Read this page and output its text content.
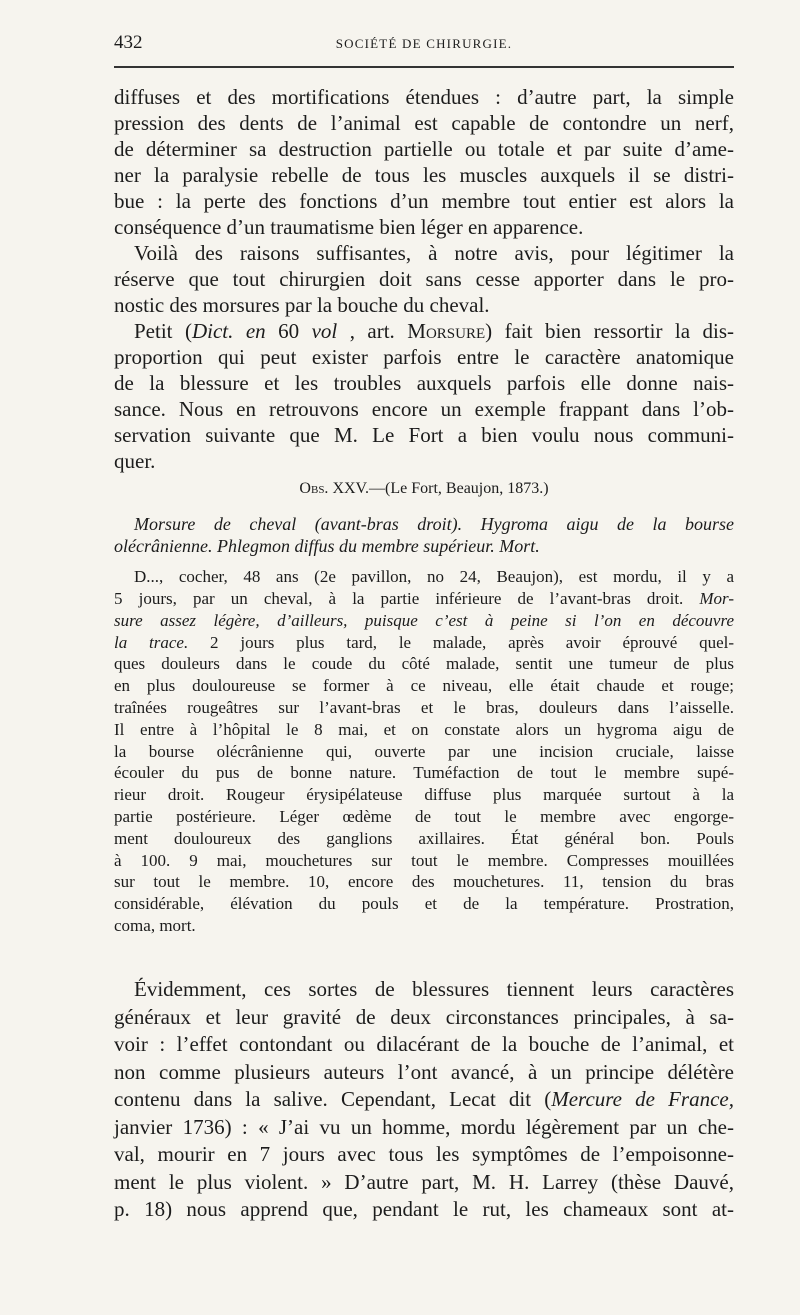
432	SOCIÉTÉ DE CHIRURGIE.
diffuses et des mortifications étendues : d’autre part, la simple
pression des dents de l’animal est capable de contondre un nerf,
de déterminer sa destruction partielle ou totale et par suite d’ame-
ner la paralysie rebelle de tous les muscles auxquels il se distri-
bue : la perte des fonctions d’un membre tout entier est alors la
conséquence d’un traumatisme bien léger en apparence.
Voilà des raisons suffisantes, à notre avis, pour légitimer la
réserve que tout chirurgien doit sans cesse apporter dans le pro-
nostic des morsures par la bouche du cheval.
Petit (Dict. en 60 vol , art. Morsure) fait bien ressortir la dis-
proportion qui peut exister parfois entre le caractère anatomique
de la blessure et les troubles auxquels parfois elle donne nais-
sance. Nous en retrouvons encore un exemple frappant dans l’ob-
servation suivante que M. Le Fort a bien voulu nous communi-
quer.
Obs. XXV.—(Le Fort, Beaujon, 1873.)
Morsure de cheval (avant-bras droit). Hygroma aigu de la bourse
olécrânienne. Phlegmon diffus du membre supérieur. Mort.
D..., cocher, 48 ans (2e pavillon, no 24, Beaujon), est mordu, il y a
5 jours, par un cheval, à la partie inférieure de l’avant-bras droit. Mor-
sure assez légère, d’ailleurs, puisque c’est à peine si l’on en découvre
la trace. 2 jours plus tard, le malade, après avoir éprouvé quel-
ques douleurs dans le coude du côté malade, sentit une tumeur de plus
en plus douloureuse se former à ce niveau, elle était chaude et rouge;
traînées rougeâtres sur l’avant-bras et le bras, douleurs dans l’aisselle.
Il entre à l’hôpital le 8 mai, et on constate alors un hygroma aigu de
la bourse olécrânienne qui, ouverte par une incision cruciale, laisse
écouler du pus de bonne nature. Tuméfaction de tout le membre supé-
rieur droit. Rougeur érysipélateuse diffuse plus marquée surtout à la
partie postérieure. Léger œdème de tout le membre avec engorge-
ment douloureux des ganglions axillaires. État général bon. Pouls
à 100. 9 mai, mouchetures sur tout le membre. Compresses mouillées
sur tout le membre. 10, encore des mouchetures. 11, tension du bras
considérable, élévation du pouls et de la température. Prostration,
coma, mort.
Évidemment, ces sortes de blessures tiennent leurs caractères
généraux et leur gravité de deux circonstances principales, à sa-
voir : l’effet contondant ou dilacérant de la bouche de l’animal, et
non comme plusieurs auteurs l’ont avancé, à un principe délétère
contenu dans la salive. Cependant, Lecat dit (Mercure de France,
janvier 1736) : « J’ai vu un homme, mordu légèrement par un che-
val, mourir en 7 jours avec tous les symptômes de l’empoisonne-
ment le plus violent. » D’autre part, M. H. Larrey (thèse Dauvé,
p. 18) nous apprend que, pendant le rut, les chameaux sont at-
